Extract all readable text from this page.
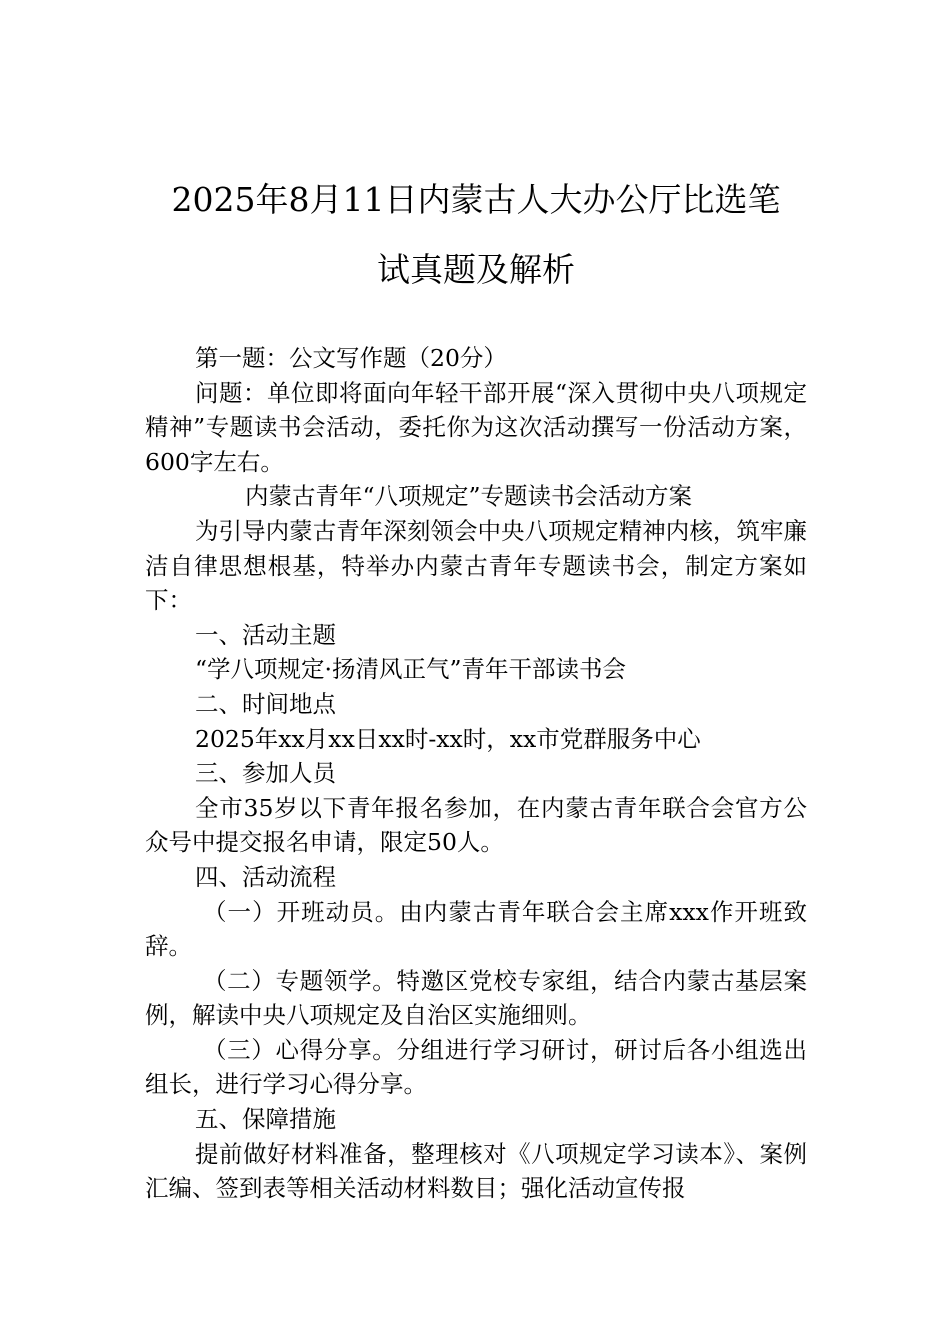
2025年8月11日内蒙古人大办公厅比选笔
试真题及解析

第一题：公文写作题（20分）

问题：单位即将面向年轻干部开展“深入贯彻中央八项规定精神”专题读书会活动，委托你为这次活动撰写一份活动方案，600字左右。

内蒙古青年“八项规定”专题读书会活动方案

为引导内蒙古青年深刻领会中央八项规定精神内核，筑牢廉洁自律思想根基，特举办内蒙古青年专题读书会，制定方案如下：

一、活动主题

“学八项规定·扬清风正气”青年干部读书会

二、时间地点

2025年xx月xx日xx时-xx时，xx市党群服务中心

三、参加人员

全市35岁以下青年报名参加，在内蒙古青年联合会官方公众号中提交报名申请，限定50人。

四、活动流程

（一）开班动员。由内蒙古青年联合会主席xxx作开班致辞。

（二）专题领学。特邀区党校专家组，结合内蒙古基层案例，解读中央八项规定及自治区实施细则。

（三）心得分享。分组进行学习研讨，研讨后各小组选出组长，进行学习心得分享。

五、保障措施

提前做好材料准备，整理核对《八项规定学习读本》、案例汇编、签到表等相关活动材料数目；强化活动宣传报
